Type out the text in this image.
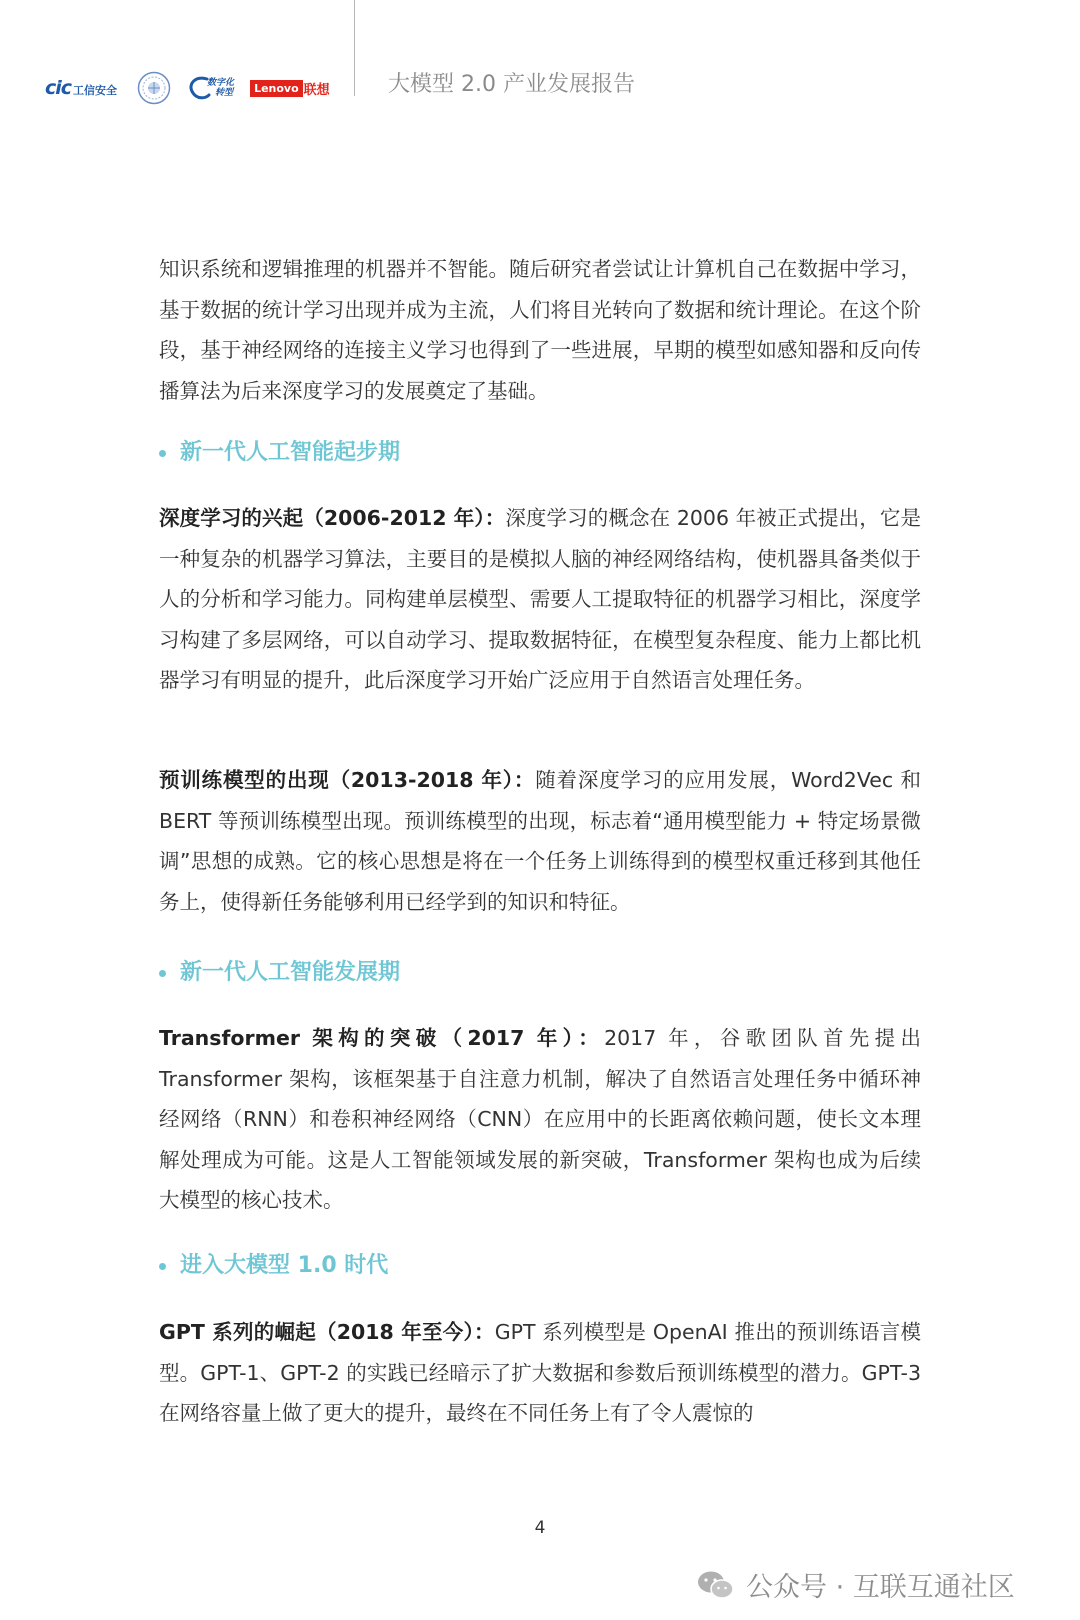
cic 工信安全
数字化
转型	Lenovo 联想	大模型 2.0 产业发展报告

知识系统和逻辑推理的机器并不智能。随后研究者尝试让计算机自己在数据中学习，基于数据的统计学习出现并成为主流，人们将目光转向了数据和统计理论。在这个阶段，基于神经网络的连接主义学习也得到了一些进展，早期的模型如感知器和反向传播算法为后来深度学习的发展奠定了基础。

新一代人工智能起步期

深度学习的兴起（2006-2012 年）：深度学习的概念在 2006 年被正式提出，它是一种复杂的机器学习算法，主要目的是模拟人脑的神经网络结构，使机器具备类似于人的分析和学习能力。同构建单层模型、需要人工提取特征的机器学习相比，深度学习构建了多层网络，可以自动学习、提取数据特征，在模型复杂程度、能力上都比机器学习有明显的提升，此后深度学习开始广泛应用于自然语言处理任务。

预训练模型的出现（2013-2018 年）：随着深度学习的应用发展，Word2Vec 和 BERT 等预训练模型出现。预训练模型的出现，标志着“通用模型能力 + 特定场景微调”思想的成熟。它的核心思想是将在一个任务上训练得到的模型权重迁移到其他任务上，使得新任务能够利用已经学到的知识和特征。

新一代人工智能发展期

Transformer 架构的突破（2017 年）：2017 年，谷歌团队首先提出 Transformer 架构，该框架基于自注意力机制，解决了自然语言处理任务中循环神经网络（RNN）和卷积神经网络（CNN）在应用中的长距离依赖问题，使长文本理解处理成为可能。这是人工智能领域发展的新突破，Transformer 架构也成为后续大模型的核心技术。

进入大模型 1.0 时代

GPT 系列的崛起（2018 年至今）：GPT 系列模型是 OpenAI 推出的预训练语言模型。GPT-1、GPT-2 的实践已经暗示了扩大数据和参数后预训练模型的潜力。GPT-3 在网络容量上做了更大的提升，最终在不同任务上有了令人震惊的

4
公众号 · 互联互通社区
